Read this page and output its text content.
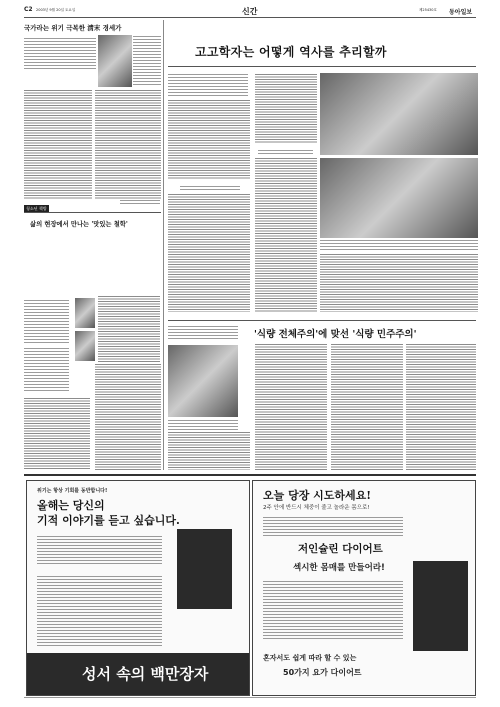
C2 2003년 9월 20일 토요일	신간	제25430호 동아일보
국가라는 위기 극복한 淸末 경세가
청소년 책방
삶의 현장에서 만나는 '맛있는 철학'
고고학자는 어떻게 역사를 추리할까
'식량 전체주의'에 맞선 '식량 민주주의'
위기는 항상 기회를 동반합니다!
올해는 당신의
기적 이야기를 듣고 싶습니다.
성서 속의 백만장자
오늘 당장 시도하세요!
2주 안에 반드시 체중이 줄고 놀라운 몸으로!
저인슐린 다이어트
섹시한 몸매를 만들어라!
혼자서도 쉽게 따라 할 수 있는
50가지 요가 다이어트
